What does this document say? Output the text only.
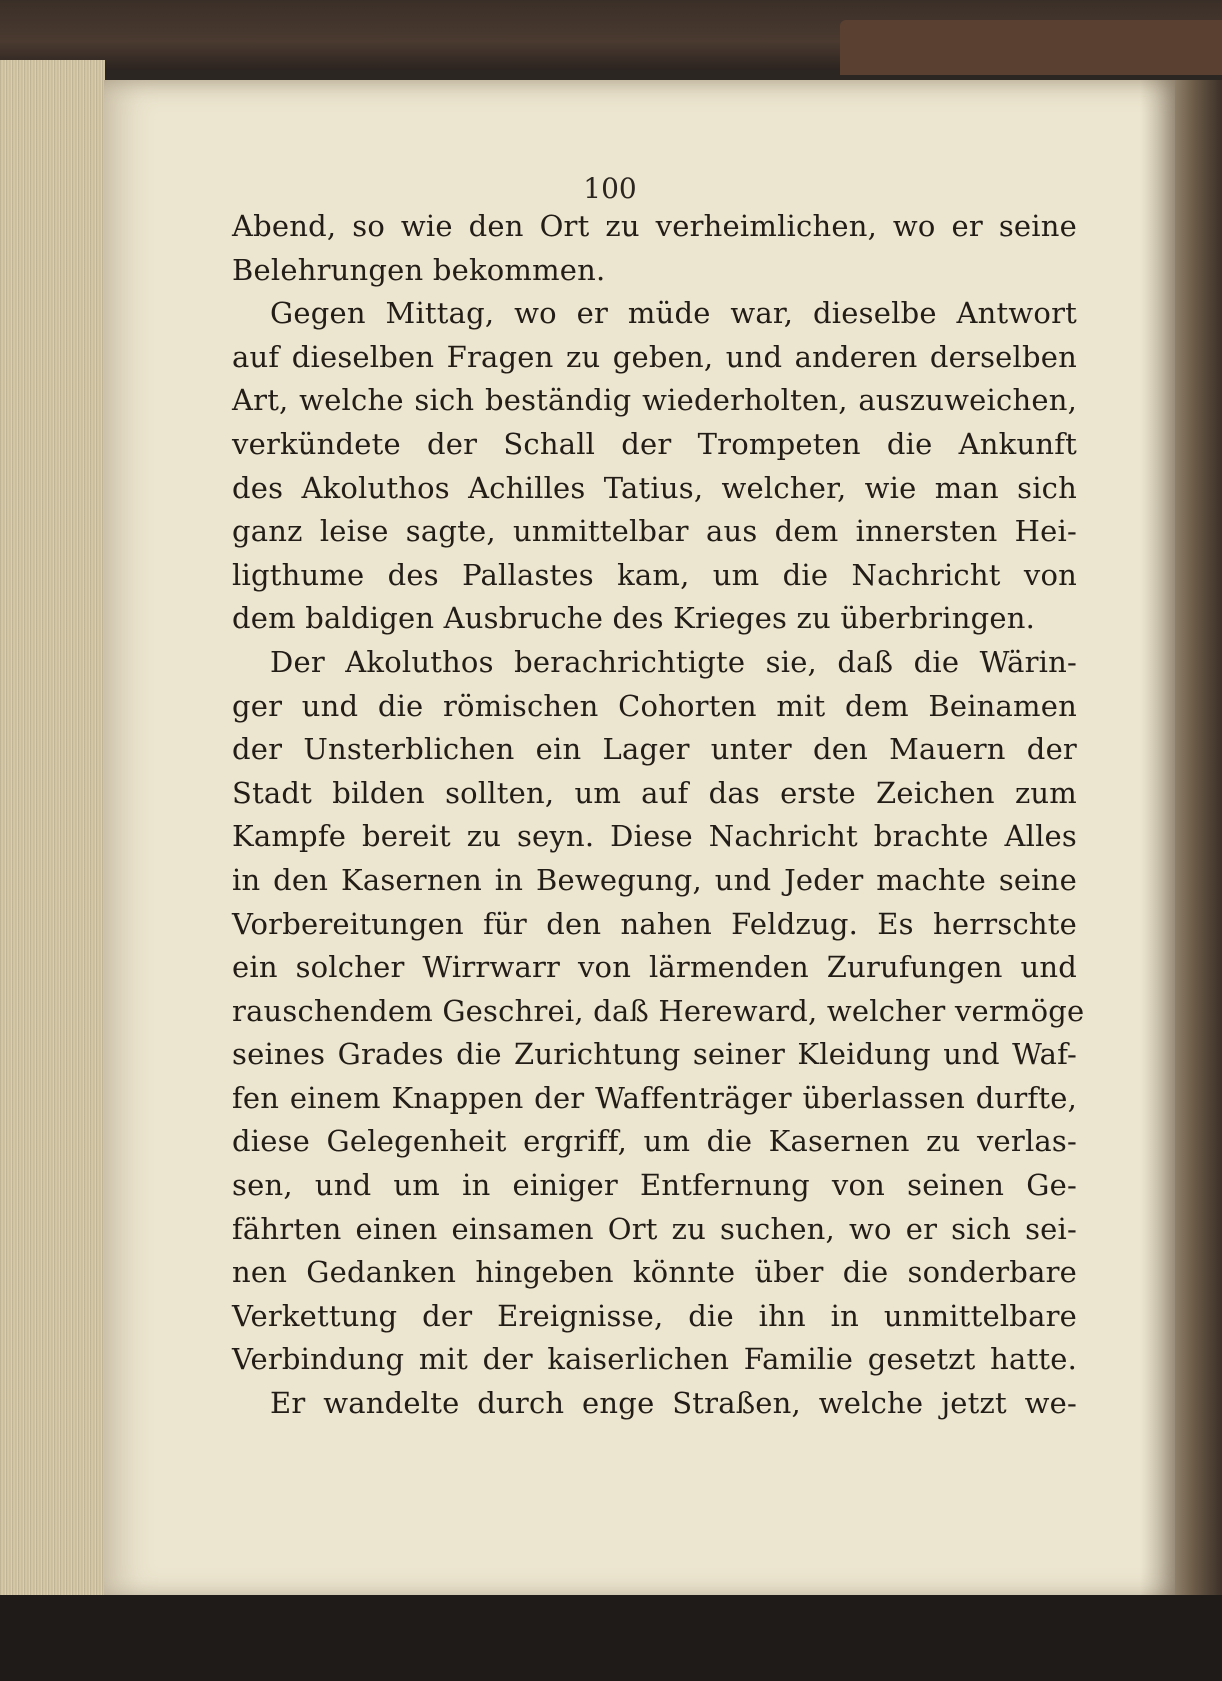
100
Abend, so wie den Ort zu verheimlichen, wo er seine
Belehrungen bekommen.
Gegen Mittag, wo er müde war, dieselbe Antwort
auf dieselben Fragen zu geben, und anderen derselben
Art, welche sich beständig wiederholten, auszuweichen,
verkündete der Schall der Trompeten die Ankunft
des Akoluthos Achilles Tatius, welcher, wie man sich
ganz leise sagte, unmittelbar aus dem innersten Hei-
ligthume des Pallastes kam, um die Nachricht von
dem baldigen Ausbruche des Krieges zu überbringen.
Der Akoluthos berachrichtigte sie, daß die Wärin-
ger und die römischen Cohorten mit dem Beinamen
der Unsterblichen ein Lager unter den Mauern der
Stadt bilden sollten, um auf das erste Zeichen zum
Kampfe bereit zu seyn. Diese Nachricht brachte Alles
in den Kasernen in Bewegung, und Jeder machte seine
Vorbereitungen für den nahen Feldzug. Es herrschte
ein solcher Wirrwarr von lärmenden Zurufungen und
rauschendem Geschrei, daß Hereward, welcher vermöge
seines Grades die Zurichtung seiner Kleidung und Waf-
fen einem Knappen der Waffenträger überlassen durfte,
diese Gelegenheit ergriff, um die Kasernen zu verlas-
sen, und um in einiger Entfernung von seinen Ge-
fährten einen einsamen Ort zu suchen, wo er sich sei-
nen Gedanken hingeben könnte über die sonderbare
Verkettung der Ereignisse, die ihn in unmittelbare
Verbindung mit der kaiserlichen Familie gesetzt hatte.
Er wandelte durch enge Straßen, welche jetzt we-
